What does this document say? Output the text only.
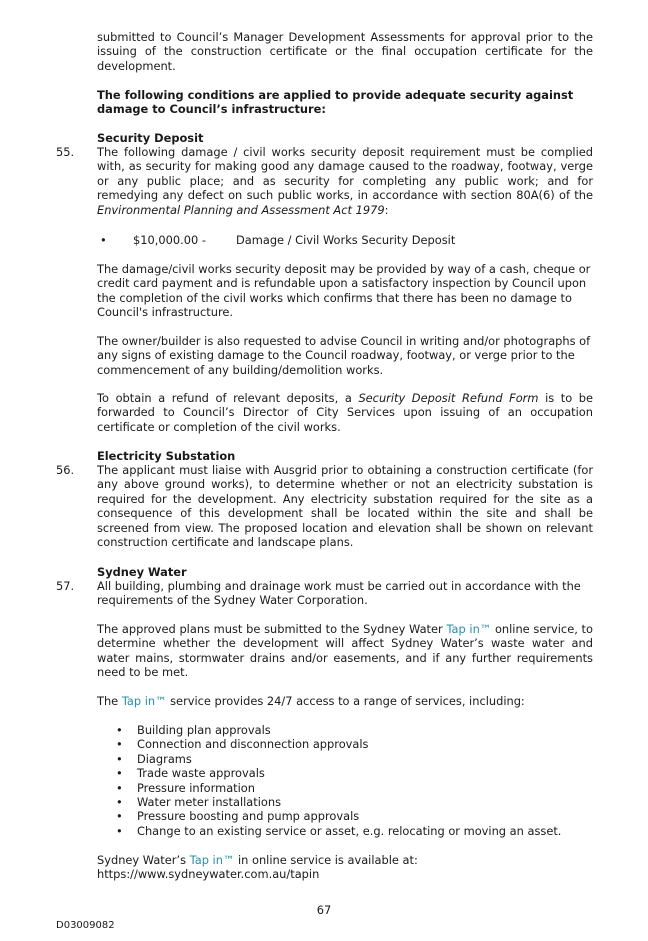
submitted to Council’s Manager Development Assessments for approval prior to the issuing of the construction certificate or the final occupation certificate for the development.

The following conditions are applied to provide adequate security against damage to Council’s infrastructure:

Security Deposit

55. The following damage / civil works security deposit requirement must be complied with, as security for making good any damage caused to the roadway, footway, verge or any public place; and as security for completing any public work; and for remedying any defect on such public works, in accordance with section 80A(6) of the Environmental Planning and Assessment Act 1979:

• $10,000.00 -	Damage / Civil Works Security Deposit

The damage/civil works security deposit may be provided by way of a cash, cheque or credit card payment and is refundable upon a satisfactory inspection by Council upon the completion of the civil works which confirms that there has been no damage to Council's infrastructure.

The owner/builder is also requested to advise Council in writing and/or photographs of any signs of existing damage to the Council roadway, footway, or verge prior to the commencement of any building/demolition works.

To obtain a refund of relevant deposits, a Security Deposit Refund Form is to be forwarded to Council’s Director of City Services upon issuing of an occupation certificate or completion of the civil works.

Electricity Substation

56. The applicant must liaise with Ausgrid prior to obtaining a construction certificate (for any above ground works), to determine whether or not an electricity substation is required for the development. Any electricity substation required for the site as a consequence of this development shall be located within the site and shall be screened from view. The proposed location and elevation shall be shown on relevant construction certificate and landscape plans.

Sydney Water

57. All building, plumbing and drainage work must be carried out in accordance with the requirements of the Sydney Water Corporation.

The approved plans must be submitted to the Sydney Water Tap in™ online service, to determine whether the development will affect Sydney Water’s waste water and water mains, stormwater drains and/or easements, and if any further requirements need to be met.

The Tap in™ service provides 24/7 access to a range of services, including:

• Building plan approvals
• Connection and disconnection approvals
• Diagrams
• Trade waste approvals
• Pressure information
• Water meter installations
• Pressure boosting and pump approvals
• Change to an existing service or asset, e.g. relocating or moving an asset.

Sydney Water’s Tap in™ in online service is available at:
https://www.sydneywater.com.au/tapin

67
D03009082
